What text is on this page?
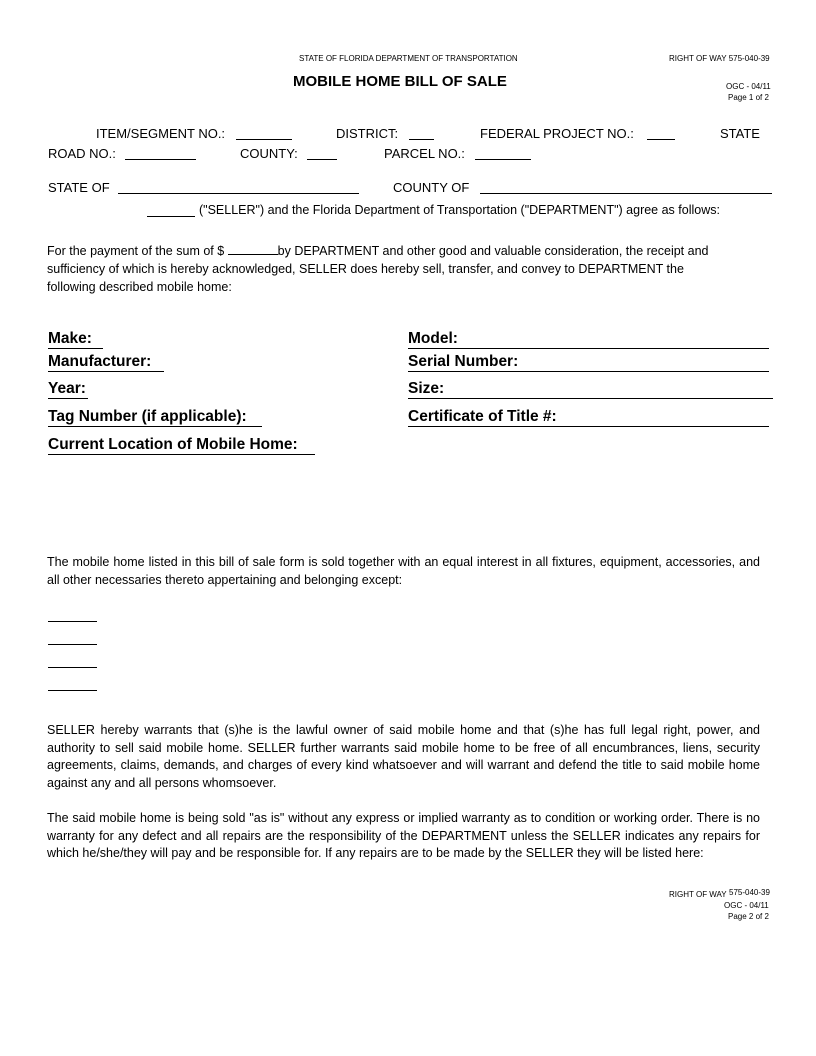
STATE OF FLORIDA DEPARTMENT OF TRANSPORTATION	RIGHT OF WAY 575-040-39
MOBILE HOME BILL OF SALE	OGC - 04/11
Page 1 of 2
ITEM/SEGMENT NO.:	DISTRICT:	FEDERAL PROJECT NO.:	STATE
ROAD NO.:	COUNTY:	PARCEL NO.:
STATE OF	COUNTY OF
("SELLER") and the Florida Department of Transportation ("DEPARTMENT") agree as follows:
For the payment of the sum of $	by DEPARTMENT and other good and valuable consideration, the receipt and
sufficiency of which is hereby acknowledged, SELLER does hereby sell, transfer, and convey to DEPARTMENT the
following described mobile home:
Make:	Model:
Manufacturer:	Serial Number:
Year:	Size:
Tag Number (if applicable):	Certificate of Title #:
Current Location of Mobile Home:
The mobile home listed in this bill of sale form is sold together with an equal interest in all fixtures, equipment, accessories, and all other necessaries thereto appertaining and belonging except:
SELLER hereby warrants that (s)he is the lawful owner of said mobile home and that (s)he has full legal right, power, and authority to sell said mobile home. SELLER further warrants said mobile home to be free of all encumbrances, liens, security agreements, claims, demands, and charges of every kind whatsoever and will warrant and defend the title to said mobile home against any and all persons whomsoever.
The said mobile home is being sold "as is" without any express or implied warranty as to condition or working order. There is no warranty for any defect and all repairs are the responsibility of the DEPARTMENT unless the SELLER indicates any repairs for which he/she/they will pay and be responsible for. If any repairs are to be made by the SELLER they will be listed here:
RIGHT OF WAY 575-040-39
OGC - 04/11
Page 2 of 2
